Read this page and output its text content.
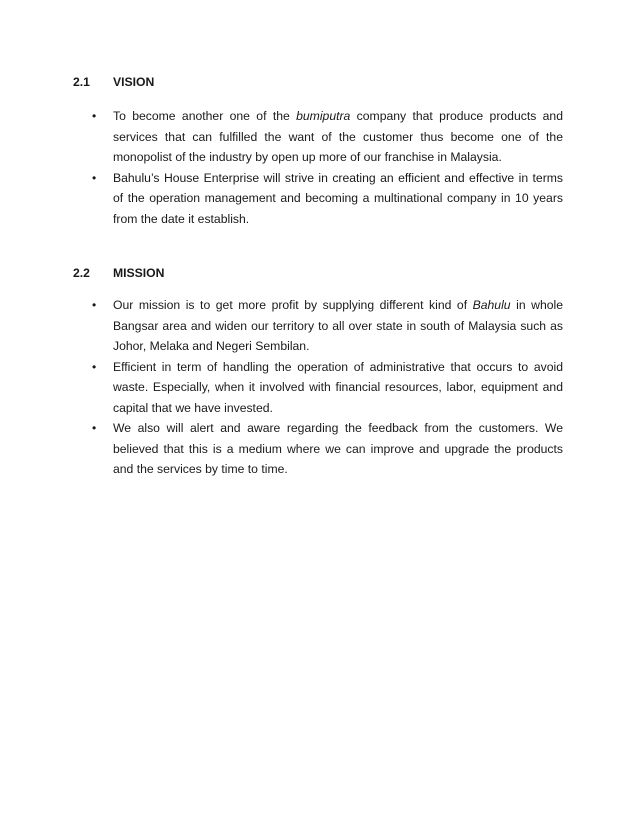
2.1	VISION
• To become another one of the bumiputra company that produce products and services that can fulfilled the want of the customer thus become one of the monopolist of the industry by open up more of our franchise in Malaysia.
• Bahulu’s House Enterprise will strive in creating an efficient and effective in terms of the operation management and becoming a multinational company in 10 years from the date it establish.
2.2	MISSION
• Our mission is to get more profit by supplying different kind of Bahulu in whole Bangsar area and widen our territory to all over state in south of Malaysia such as Johor, Melaka and Negeri Sembilan.
• Efficient in term of handling the operation of administrative that occurs to avoid waste. Especially, when it involved with financial resources, labor, equipment and capital that we have invested.
• We also will alert and aware regarding the feedback from the customers. We believed that this is a medium where we can improve and upgrade the products and the services by time to time.
